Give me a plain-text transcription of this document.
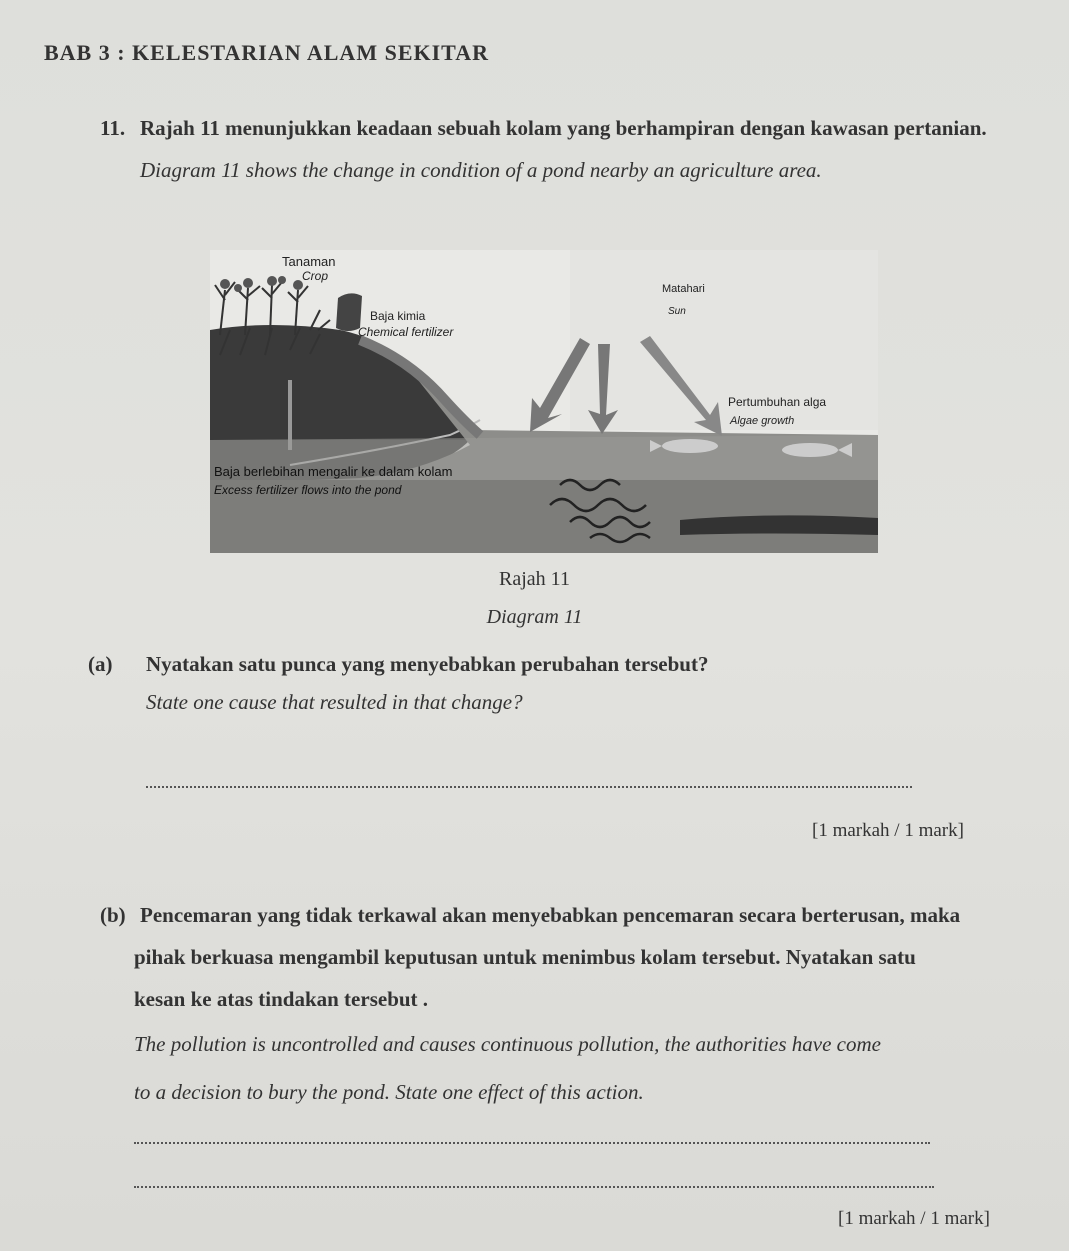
BAB 3 : KELESTARIAN ALAM SEKITAR
11. Rajah 11 menunjukkan keadaan sebuah kolam yang berhampiran dengan kawasan pertanian.
Diagram 11 shows the change in condition of a pond nearby an agriculture area.
Tanaman
Crop
Baja kimia
Chemical fertilizer
Matahari
Sun
Pertumbuhan alga
Algae growth
Baja berlebihan mengalir ke dalam kolam
Excess fertilizer flows into the pond
Rajah 11
Diagram 11
(a) Nyatakan satu punca yang menyebabkan perubahan tersebut?
State one cause that resulted in that change?
[1 markah / 1 mark]
(b) Pencemaran yang tidak terkawal akan menyebabkan pencemaran secara berterusan, maka
pihak berkuasa mengambil keputusan untuk menimbus kolam tersebut. Nyatakan satu
kesan ke atas tindakan tersebut .
The pollution is uncontrolled and causes continuous pollution, the authorities have come
to a decision to bury the pond. State one effect of this action.
[1 markah / 1 mark]
